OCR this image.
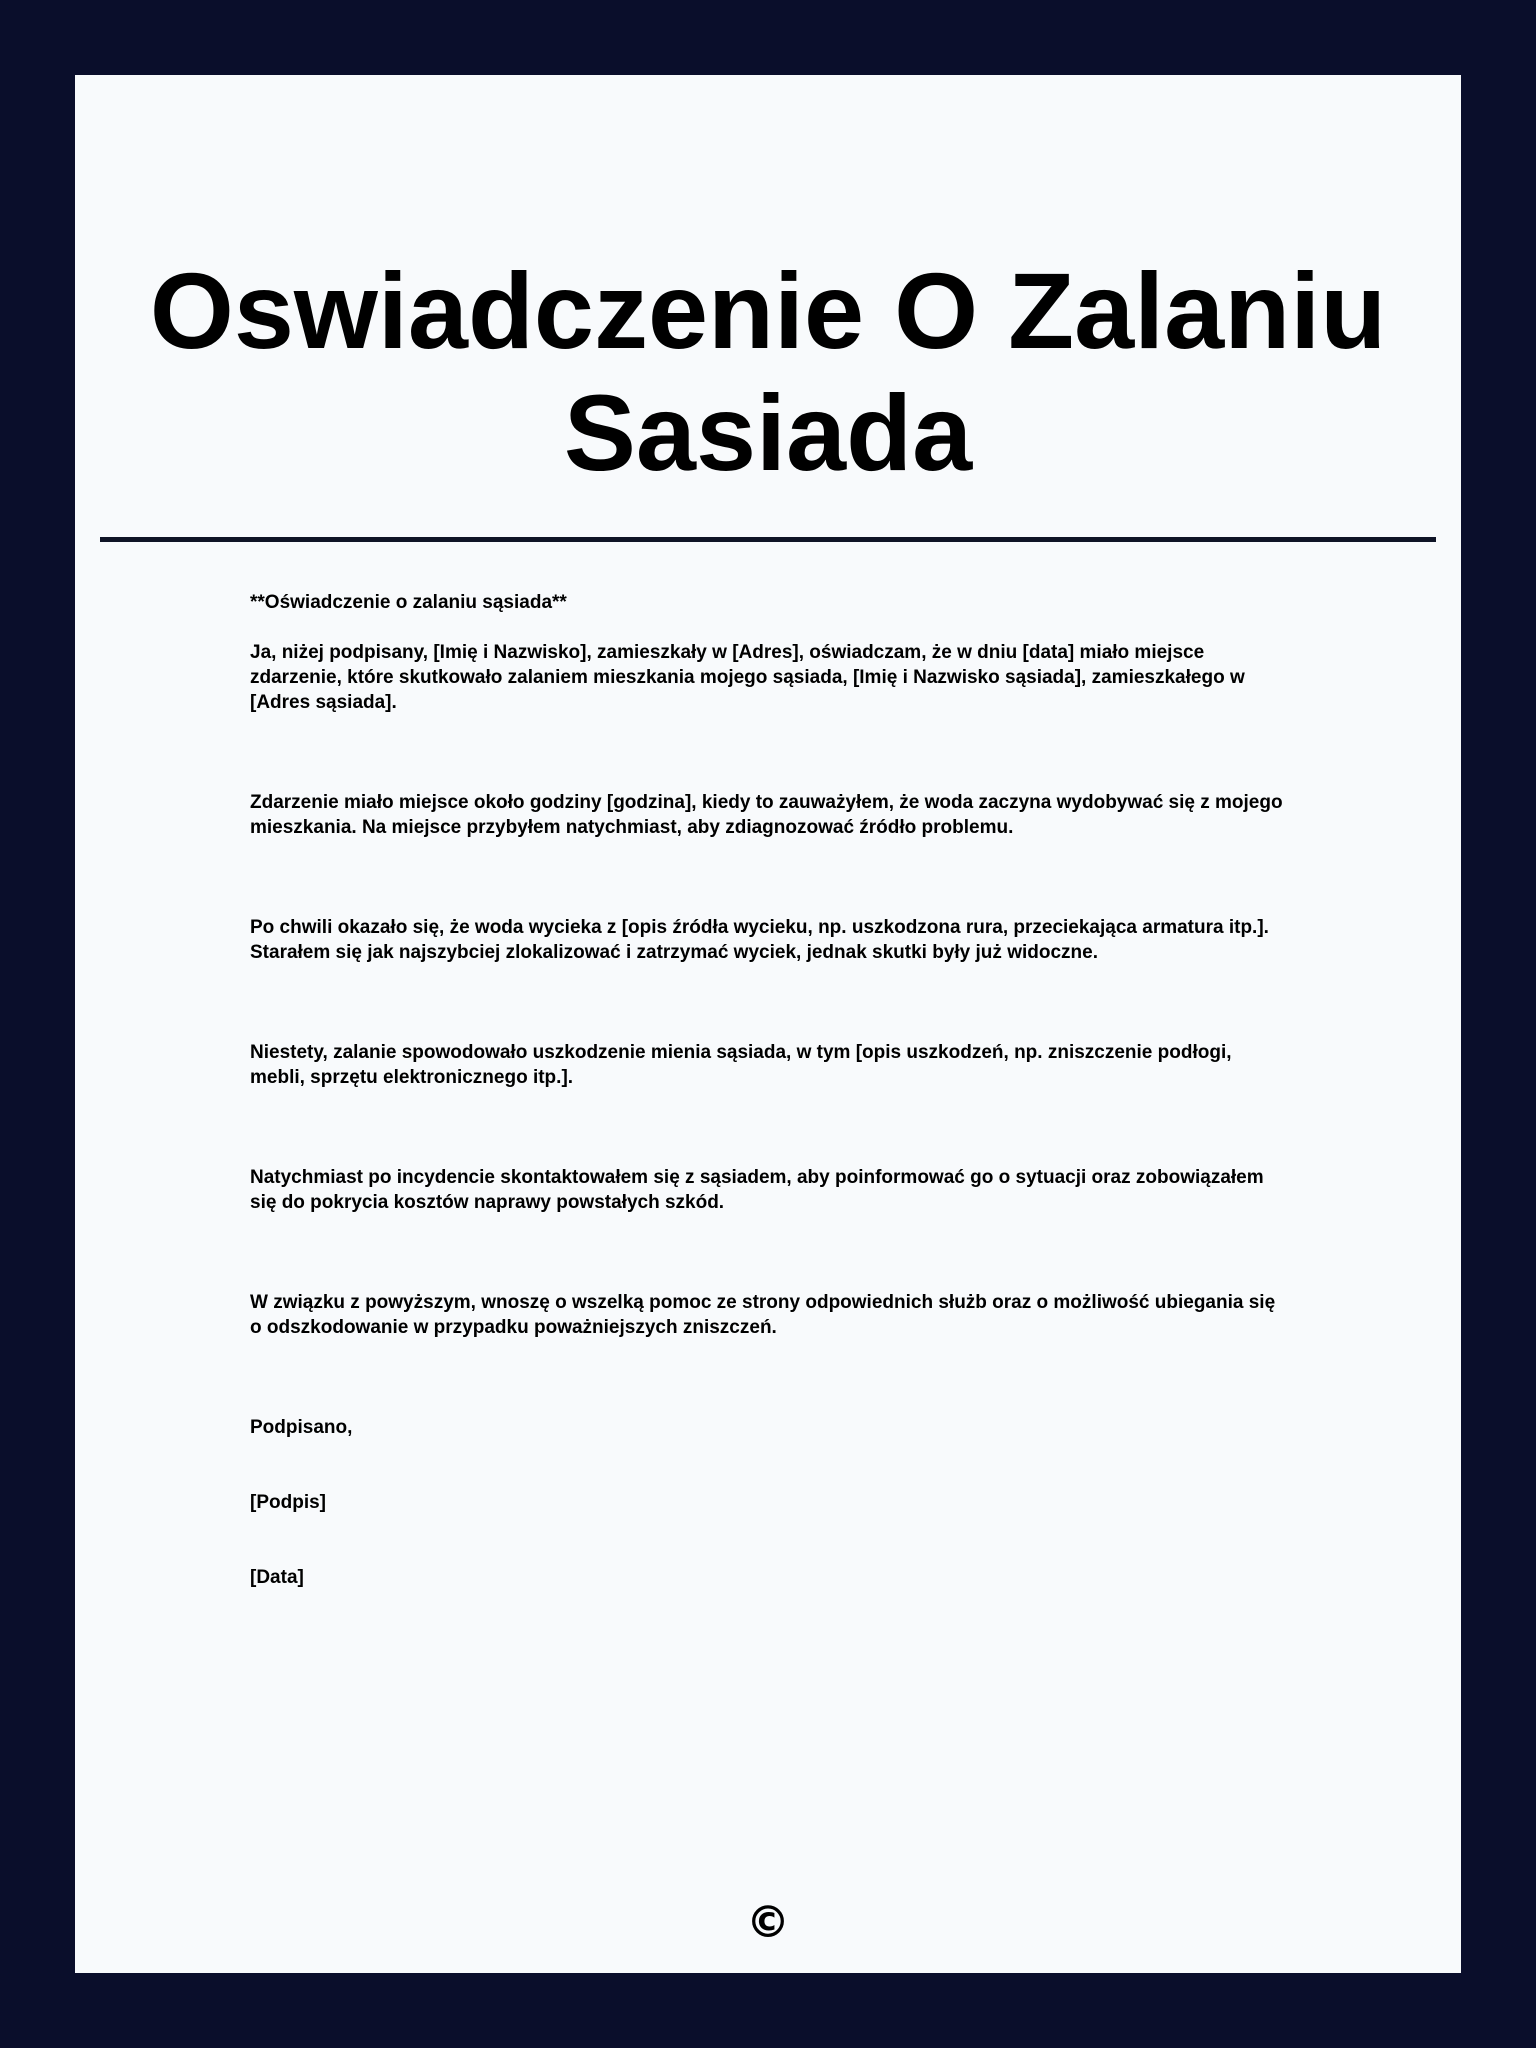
Oswiadczenie O Zalaniu Sasiada

**Oświadczenie o zalaniu sąsiada**

Ja, niżej podpisany, [Imię i Nazwisko], zamieszkały w [Adres], oświadczam, że w dniu [data] miało miejsce zdarzenie, które skutkowało zalaniem mieszkania mojego sąsiada, [Imię i Nazwisko sąsiada], zamieszkałego w [Adres sąsiada].

Zdarzenie miało miejsce około godziny [godzina], kiedy to zauważyłem, że woda zaczyna wydobywać się z mojego mieszkania. Na miejsce przybyłem natychmiast, aby zdiagnozować źródło problemu.

Po chwili okazało się, że woda wycieka z [opis źródła wycieku, np. uszkodzona rura, przeciekająca armatura itp.]. Starałem się jak najszybciej zlokalizować i zatrzymać wyciek, jednak skutki były już widoczne.

Niestety, zalanie spowodowało uszkodzenie mienia sąsiada, w tym [opis uszkodzeń, np. zniszczenie podłogi, mebli, sprzętu elektronicznego itp.].

Natychmiast po incydencie skontaktowałem się z sąsiadem, aby poinformować go o sytuacji oraz zobowiązałem się do pokrycia kosztów naprawy powstałych szkód.

W związku z powyższym, wnoszę o wszelką pomoc ze strony odpowiednich służb oraz o możliwość ubiegania się o odszkodowanie w przypadku poważniejszych zniszczeń.

Podpisano,

[Podpis]

[Data]

©
